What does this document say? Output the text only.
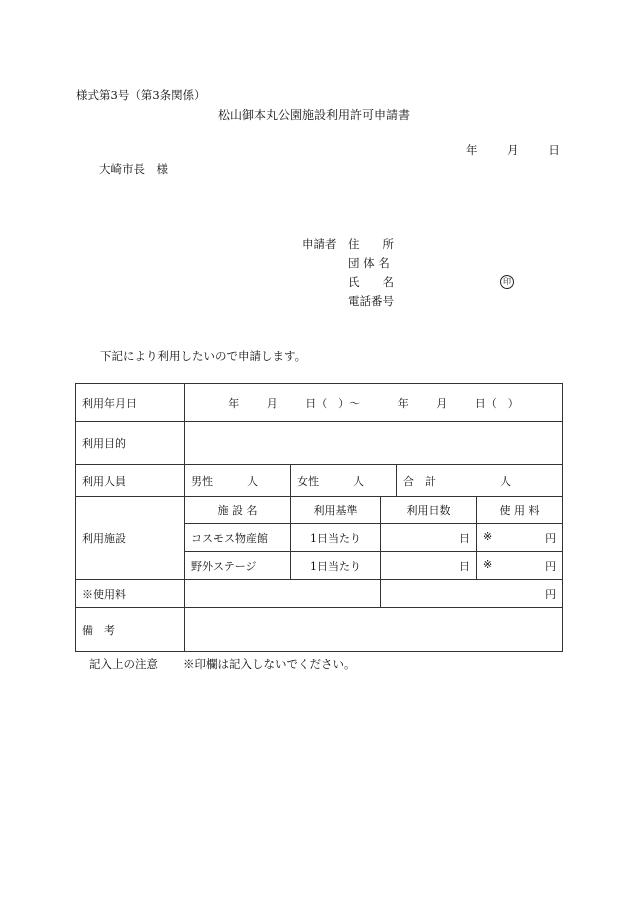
様式第3号（第3条関係）
松山御本丸公園施設利用許可申請書
年	月	日
大崎市長　様
申請者 住　　所
団 体 名
氏　　名	印
電話番号
下記により利用したいので申請します。
利用年月日	年 月 日（　）～ 年 月 日（　）				
利用目的					
利用人員	男性 人	女性 人		合　計 人	
利用施設	施 設 名	利用基準	利用日数		使 用 料
	コスモス物産館	1日当たり	日		※ 円

	野外ステージ	1日当たり	日		※ 円

※使用料			円		
備　考					
記入上の注意 ※印欄は記入しないでください。
